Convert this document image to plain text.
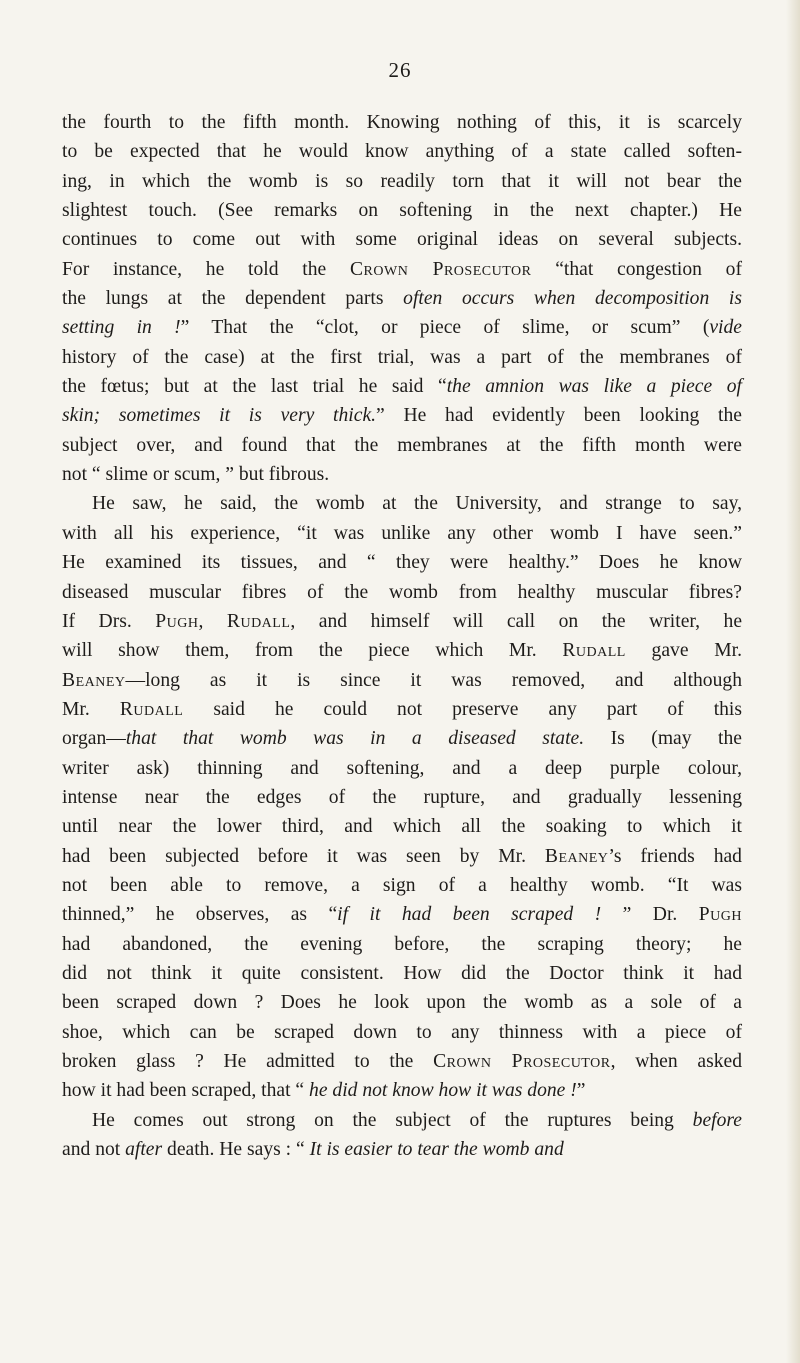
26
the fourth to the fifth month. Knowing nothing of this, it is scarcely
to be expected that he would know anything of a state called soften-
ing, in which the womb is so readily torn that it will not bear the
slightest touch. (See remarks on softening in the next chapter.) He
continues to come out with some original ideas on several subjects.
For instance, he told the Crown Prosecutor “that congestion of
the lungs at the dependent parts often occurs when decomposition is
setting in !” That the “clot, or piece of slime, or scum” (vide
history of the case) at the first trial, was a part of the membranes of
the fœtus; but at the last trial he said “the amnion was like a piece of
skin; sometimes it is very thick.” He had evidently been looking the
subject over, and found that the membranes at the fifth month were
not “ slime or scum, ” but fibrous.
He saw, he said, the womb at the University, and strange to say,
with all his experience, “it was unlike any other womb I have seen.”
He examined its tissues, and “ they were healthy.” Does he know
diseased muscular fibres of the womb from healthy muscular fibres?
If Drs. Pugh, Rudall, and himself will call on the writer, he
will show them, from the piece which Mr. Rudall gave Mr.
Beaney—long as it is since it was removed, and although
Mr. Rudall said he could not preserve any part of this
organ—that that womb was in a diseased state. Is (may the
writer ask) thinning and softening, and a deep purple colour,
intense near the edges of the rupture, and gradually lessening
until near the lower third, and which all the soaking to which it
had been subjected before it was seen by Mr. Beaney’s friends had
not been able to remove, a sign of a healthy womb. “It was
thinned,” he observes, as “if it had been scraped ! ” Dr. Pugh
had abandoned, the evening before, the scraping theory; he
did not think it quite consistent. How did the Doctor think it had
been scraped down ? Does he look upon the womb as a sole of a
shoe, which can be scraped down to any thinness with a piece of
broken glass ? He admitted to the Crown Prosecutor, when asked
how it had been scraped, that “ he did not know how it was done !”
He comes out strong on the subject of the ruptures being before
and not after death. He says : “ It is easier to tear the womb and
